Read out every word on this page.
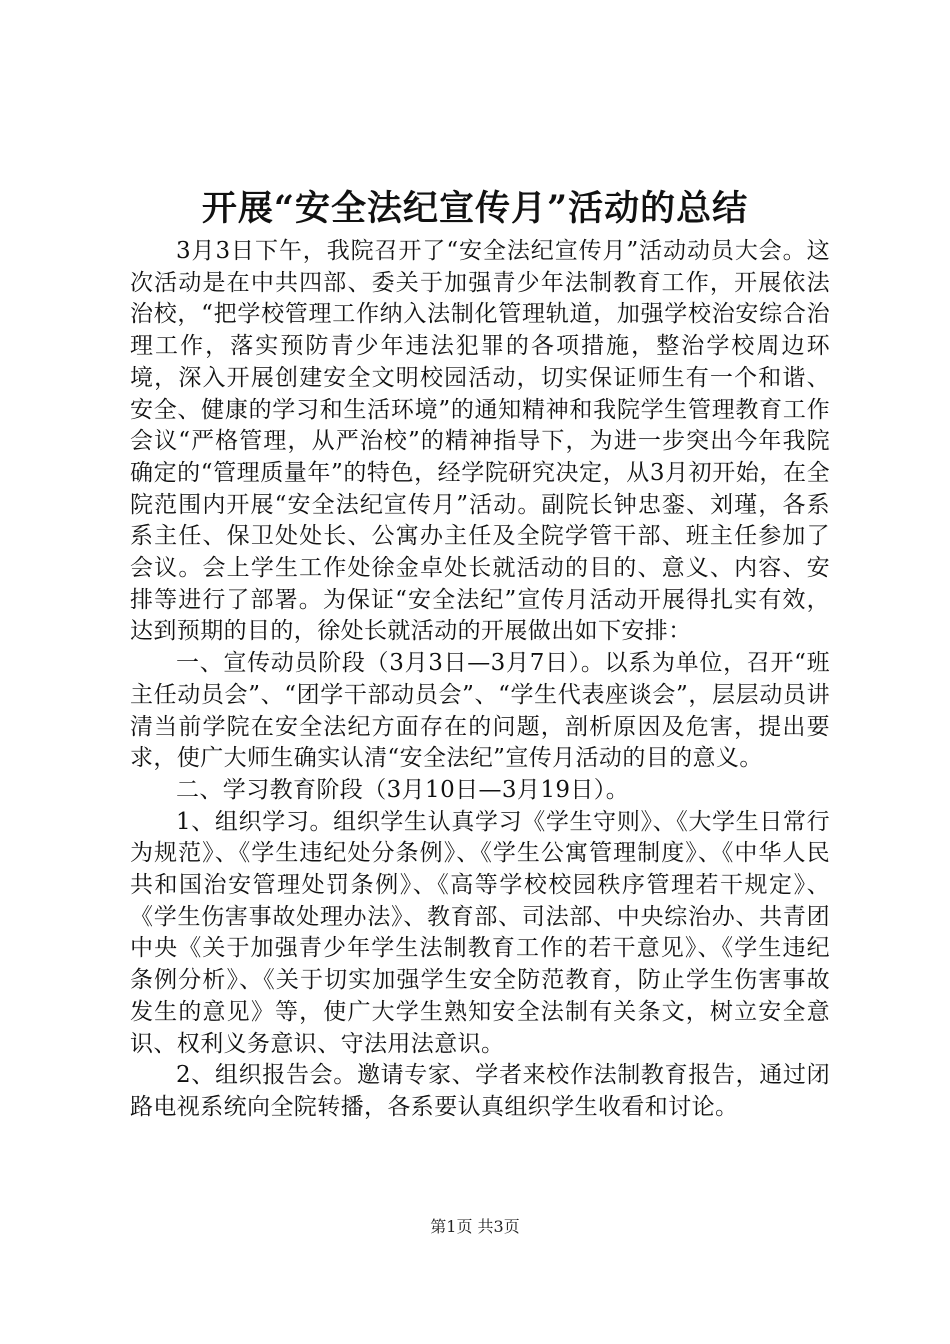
开展“安全法纪宣传月”活动的总结

3月3日下午，我院召开了“安全法纪宣传月”活动动员大会。这次活动是在中共四部、委关于加强青少年法制教育工作，开展依法治校，“把学校管理工作纳入法制化管理轨道，加强学校治安综合治理工作，落实预防青少年违法犯罪的各项措施，整治学校周边环境，深入开展创建安全文明校园活动，切实保证师生有一个和谐、安全、健康的学习和生活环境”的通知精神和我院学生管理教育工作会议“严格管理，从严治校”的精神指导下，为进一步突出今年我院确定的“管理质量年”的特色，经学院研究决定，从3月初开始，在全院范围内开展“安全法纪宣传月”活动。副院长钟忠銮、刘瑾，各系系主任、保卫处处长、公寓办主任及全院学管干部、班主任参加了会议。会上学生工作处徐金卓处长就活动的目的、意义、内容、安排等进行了部署。为保证“安全法纪”宣传月活动开展得扎实有效，达到预期的目的，徐处长就活动的开展做出如下安排：

一、宣传动员阶段（3月3日—3月7日）。以系为单位，召开“班主任动员会”、“团学干部动员会”、“学生代表座谈会”，层层动员讲清当前学院在安全法纪方面存在的问题，剖析原因及危害，提出要求，使广大师生确实认清“安全法纪”宣传月活动的目的意义。

二、学习教育阶段（3月10日—3月19日）。

1、组织学习。组织学生认真学习《学生守则》、《大学生日常行为规范》、《学生违纪处分条例》、《学生公寓管理制度》、《中华人民共和国治安管理处罚条例》、《高等学校校园秩序管理若干规定》、《学生伤害事故处理办法》、教育部、司法部、中央综治办、共青团中央《关于加强青少年学生法制教育工作的若干意见》、《学生违纪条例分析》、《关于切实加强学生安全防范教育，防止学生伤害事故发生的意见》等，使广大学生熟知安全法制有关条文，树立安全意识、权利义务意识、守法用法意识。

2、组织报告会。邀请专家、学者来校作法制教育报告，通过闭路电视系统向全院转播，各系要认真组织学生收看和讨论。

第1页 共3页
